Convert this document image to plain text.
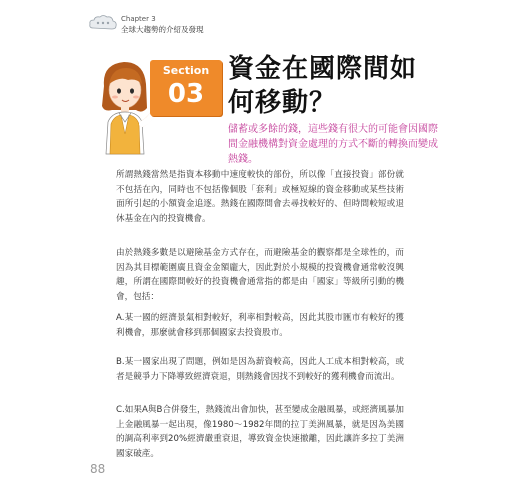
Chapter 3
全球大趨勢的介紹及發現
Section
03
資金在國際間如何移動？
儲蓄或多餘的錢，這些錢有很大的可能會因國際間金融機構對資金處理的方式不斷的轉換而變成熱錢。

所謂熱錢當然是指資本移動中速度較快的部份，所以像「直接投資」部份就不包括在內，同時也不包括像個股「套利」或極短線的資金移動或某些技術面所引起的小額資金追逐。熱錢在國際間會去尋找較好的、但時間較短或退休基金在內的投資機會。

由於熱錢多數是以避險基金方式存在，而避險基金的觀察都是全球性的，而因為其目標範圍廣且資金金額龐大，因此對於小規模的投資機會通常較沒興趣，所謂在國際間較好的投資機會通常指的都是由「國家」等級所引動的機會，包括：

A.某一國的經濟景氣相對較好，利率相對較高，因此其股市匯市有較好的獲利機會，那麼就會移到那個國家去投資股市。

B.某一國家出現了問題，例如是因為薪資較高，因此人工成本相對較高，或者是競爭力下降導致經濟衰退，則熱錢會因找不到較好的獲利機會而流出。

C.如果A與B合併發生，熱錢流出會加快，甚至變成金融風暴，或經濟風暴加上金融風暴一起出現，像1980～1982年間的拉丁美洲風暴，就是因為美國的調高利率到20%經濟嚴重衰退，導致資金快速撤離，因此讓許多拉丁美洲國家破產。

88
